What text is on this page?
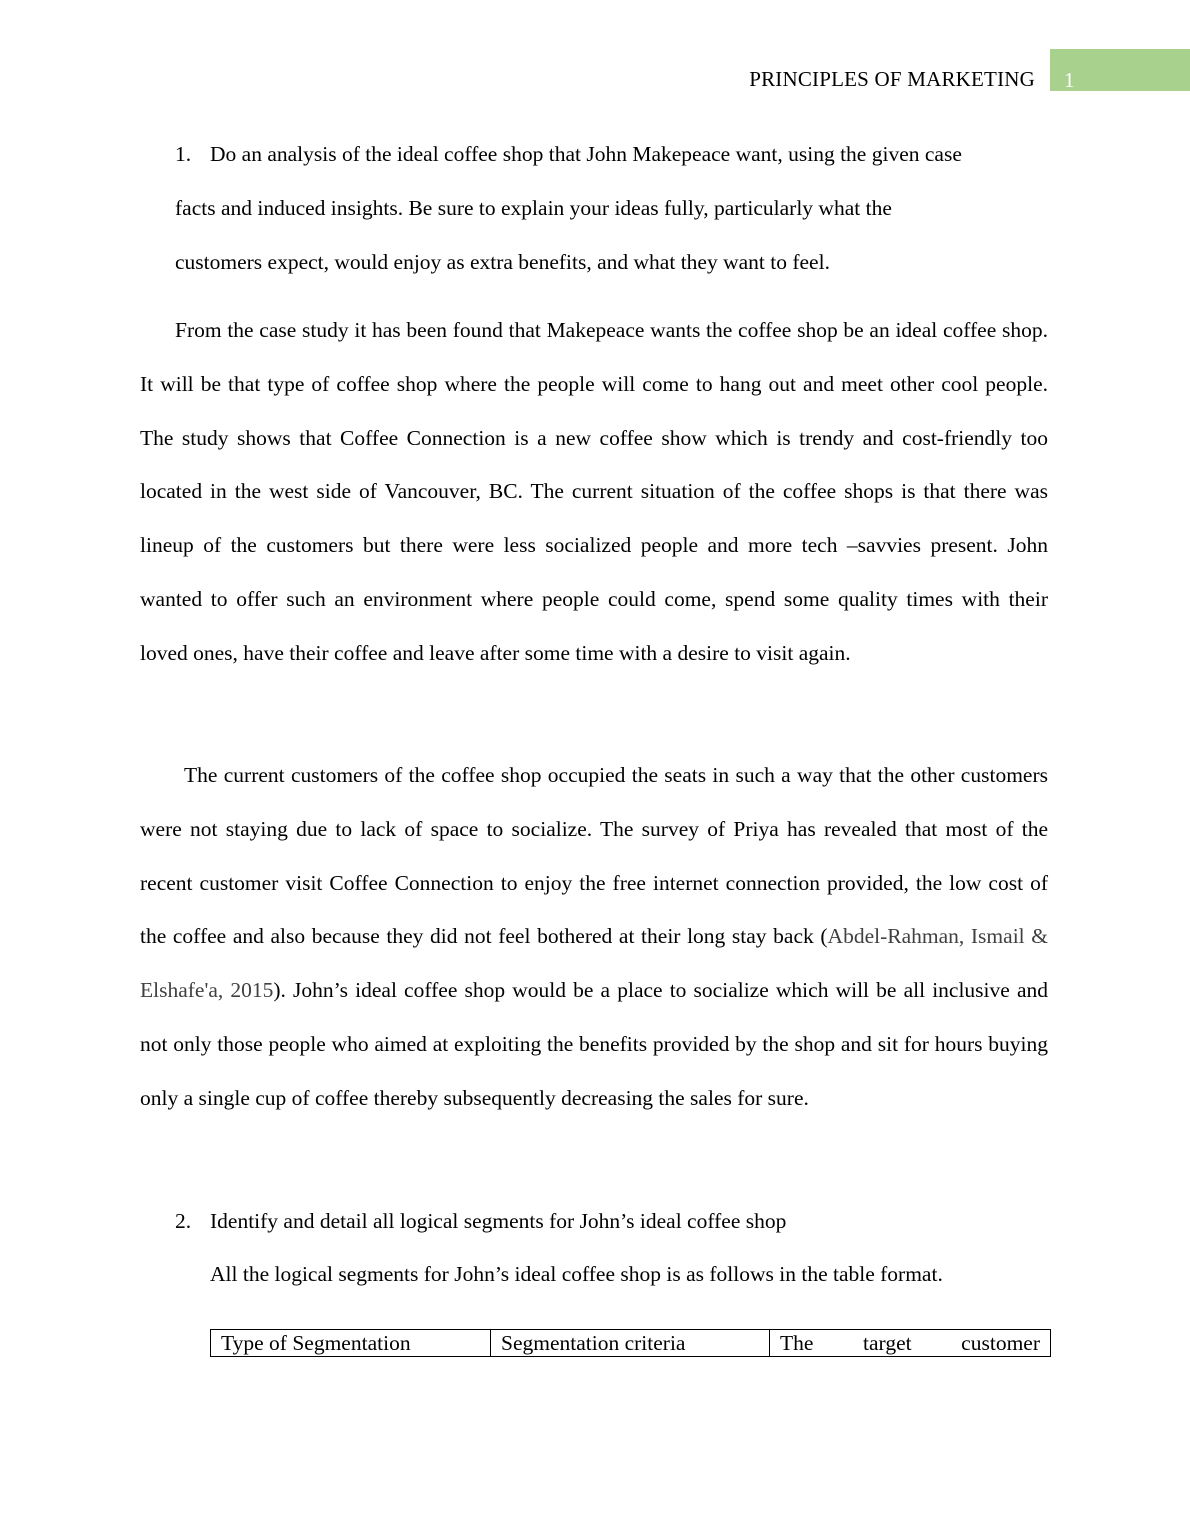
PRINCIPLES OF MARKETING 1
1. Do an analysis of the ideal coffee shop that John Makepeace want, using the given case
facts and induced insights. Be sure to explain your ideas fully, particularly what the
customers expect, would enjoy as extra benefits, and what they want to feel.

From the case study it has been found that Makepeace wants the coffee shop be an ideal coffee shop. It will be that type of coffee shop where the people will come to hang out and meet other cool people. The study shows that Coffee Connection is a new coffee show which is trendy and cost-friendly too located in the west side of Vancouver, BC. The current situation of the coffee shops is that there was lineup of the customers but there were less socialized people and more tech –savvies present. John wanted to offer such an environment where people could come, spend some quality times with their loved ones, have their coffee and leave after some time with a desire to visit again.

The current customers of the coffee shop occupied the seats in such a way that the other customers were not staying due to lack of space to socialize. The survey of Priya has revealed that most of the recent customer visit Coffee Connection to enjoy the free internet connection provided, the low cost of the coffee and also because they did not feel bothered at their long stay back (Abdel-Rahman, Ismail & Elshafe'a, 2015). John’s ideal coffee shop would be a place to socialize which will be all inclusive and not only those people who aimed at exploiting the benefits provided by the shop and sit for hours buying only a single cup of coffee thereby subsequently decreasing the sales for sure.

2. Identify and detail all logical segments for John’s ideal coffee shop
All the logical segments for John’s ideal coffee shop is as follows in the table format.
Type of Segmentation	Segmentation criteria	The target customer
